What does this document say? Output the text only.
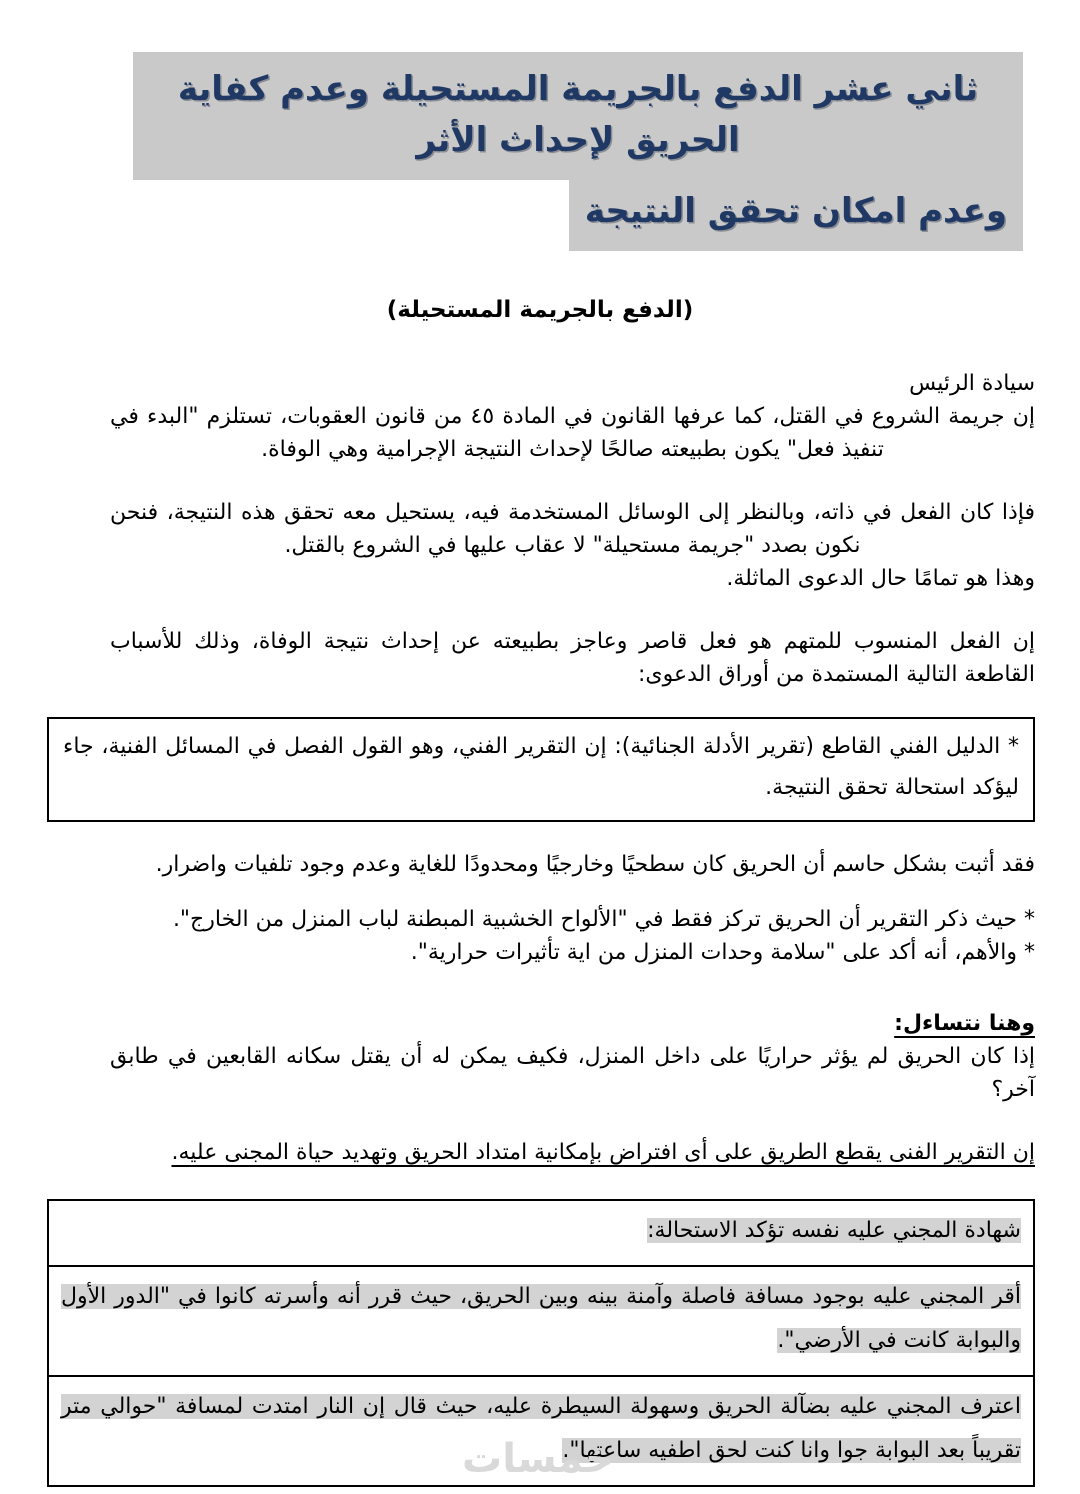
ثاني عشر الدفع بالجريمة المستحيلة وعدم كفاية الحريق لإحداث الأثر
وعدم امكان تحقق النتيجة

(الدفع بالجريمة المستحيلة)

سيادة الرئيس

إن جريمة الشروع في القتل، كما عرفها القانون في المادة ٤٥ من قانون العقوبات، تستلزم "البدء في تنفيذ فعل" يكون بطبيعته صالحًا لإحداث النتيجة الإجرامية وهي الوفاة.

فإذا كان الفعل في ذاته، وبالنظر إلى الوسائل المستخدمة فيه، يستحيل معه تحقق هذه النتيجة، فنحن نكون بصدد "جريمة مستحيلة" لا عقاب عليها في الشروع بالقتل.

وهذا هو تمامًا حال الدعوى الماثلة.

إن الفعل المنسوب للمتهم هو فعل قاصر وعاجز بطبيعته عن إحداث نتيجة الوفاة، وذلك للأسباب القاطعة التالية المستمدة من أوراق الدعوى:

* الدليل الفني القاطع (تقرير الأدلة الجنائية): إن التقرير الفني، وهو القول الفصل في المسائل الفنية، جاء ليؤكد استحالة تحقق النتيجة.

فقد أثبت بشكل حاسم أن الحريق كان سطحيًا وخارجيًا ومحدودًا للغاية وعدم وجود تلفيات واضرار.

* حيث ذكر التقرير أن الحريق تركز فقط في "الألواح الخشبية المبطنة لباب المنزل من الخارج".

* والأهم، أنه أكد على "سلامة وحدات المنزل من اية تأثيرات حرارية".

وهنا نتساءل:

إذا كان الحريق لم يؤثر حراريًا على داخل المنزل، فكيف يمكن له أن يقتل سكانه القابعين في طابق آخر؟

إن التقرير الفنى يقطع الطريق على أى افتراض بإمكانية امتداد الحريق وتهديد حياة المجنى عليه.

شهادة المجني عليه نفسه تؤكد الاستحالة:
أقر المجني عليه بوجود مسافة فاصلة وآمنة بينه وبين الحريق، حيث قرر أنه وأسرته كانوا في "الدور الأول والبوابة كانت في الأرضي".
اعترف المجني عليه بضآلة الحريق وسهولة السيطرة عليه، حيث قال إن النار امتدت لمسافة "حوالي متر تقريباً بعد البوابة جوا وانا كنت لحق اطفيه ساعتها".

خمسات
